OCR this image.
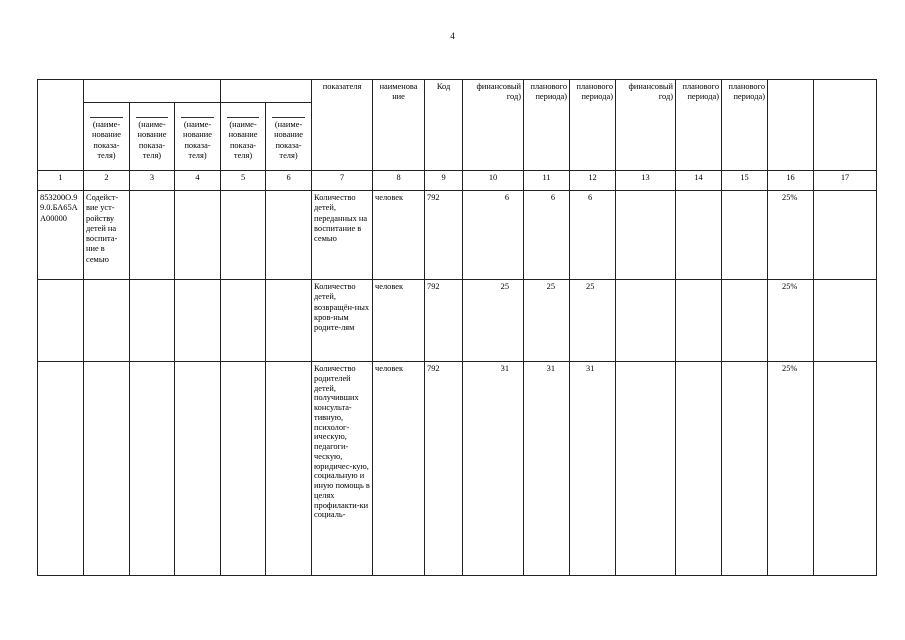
4
						показателя	наименова ние	Код	финансовый год)	планового периода)	планового периода)	финансовый год)	планового периода)	планового периода)		

	(наиме-нование показа-теля)	(наиме-нование показа-теля)	(наиме-нование показа-теля)	(наиме-нование показа-теля)	(наиме-нование показа-теля)											

1	2	3	4	5	6	7	8	9	10	11	12	13	14	15	16	17
853200О.99.0.БА65АА00000	Содейст-вие уст-ройству детей на воспита-ние в семью					Количество детей, переданных на воспитание в семью	человек	792	6	6	6				25%	
						Количество детей, возвращён-ных кров-ным родите-лям	человек	792	25	25	25				25%	
						Количество родителей детей, получивших консульта-тивную, психолог-ическую, педагоги-ческую, юридичес-кую, социальную и иную помощь в целях профилакти-ки социаль-	человек	792	31	31	31				25%	
